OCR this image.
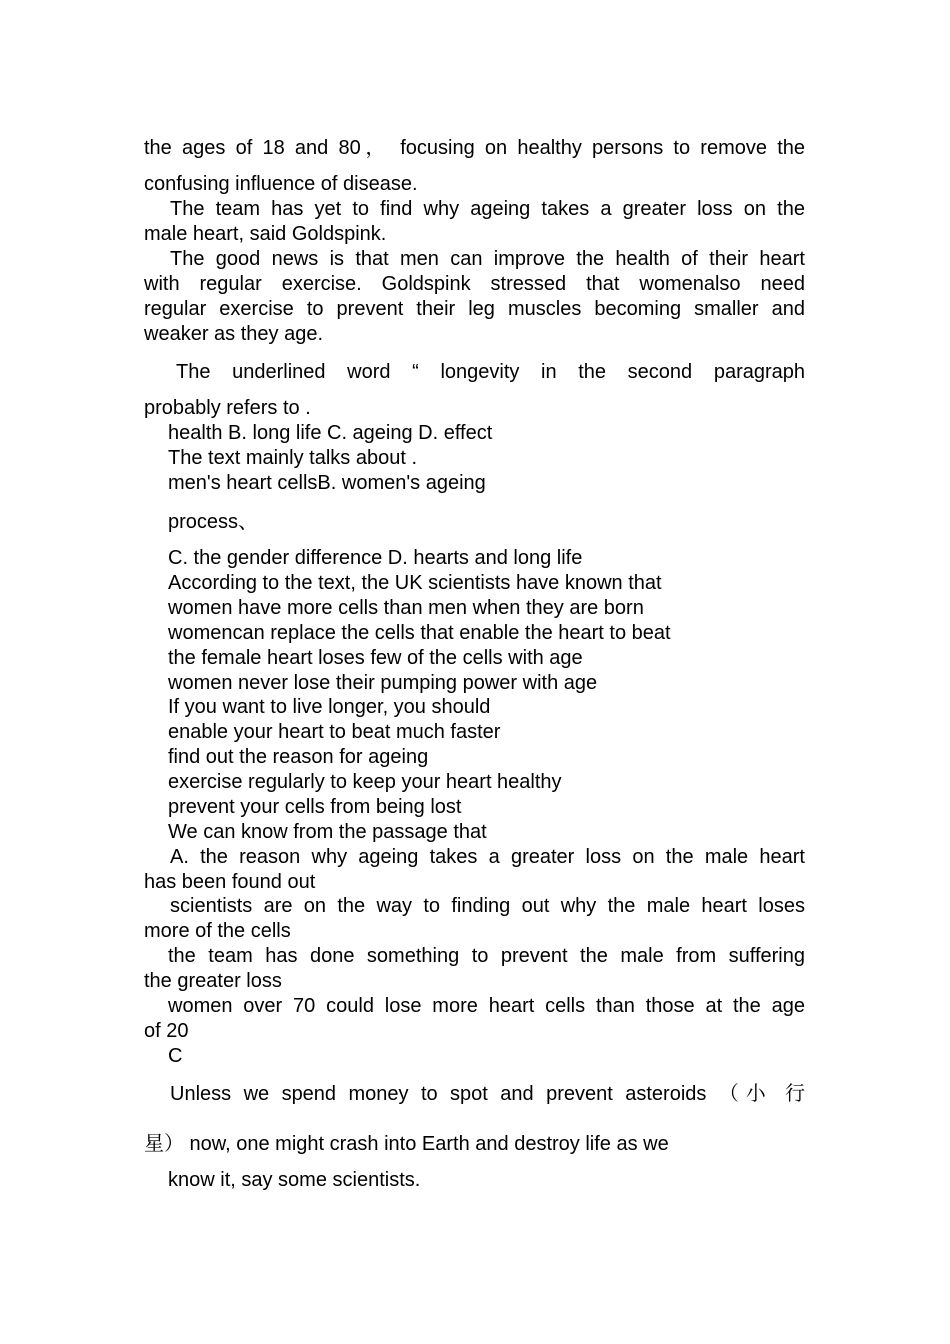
the ages of 18 and 80， focusing on healthy persons to remove the
confusing influence of disease.
The team has yet to find why ageing takes a greater loss on the
male heart, said Goldspink.
The good news is that men can improve the health of their heart
with regular exercise. Goldspink stressed that womenalso need
regular exercise to prevent their leg muscles becoming smaller and
weaker as they age.
The underlined word “ longevity in the second paragraph
probably refers to .
health B. long life C. ageing D. effect
The text mainly talks about .
men's heart cellsB. women's ageing
process、
C. the gender difference D. hearts and long life
According to the text, the UK scientists have known that
women have more cells than men when they are born
womencan replace the cells that enable the heart to beat
the female heart loses few of the cells with age
women never lose their pumping power with age
If you want to live longer, you should
enable your heart to beat much faster
find out the reason for ageing
exercise regularly to keep your heart healthy
prevent your cells from being lost
We can know from the passage that
A. the reason why ageing takes a greater loss on the male heart
has been found out
scientists are on the way to finding out why the male heart loses
more of the cells
the team has done something to prevent the male from suffering
the greater loss
women over 70 could lose more heart cells than those at the age
of 20
C
Unless we spend money to spot and prevent asteroids （小 行
星） now, one might crash into Earth and destroy life as we
know it, say some scientists.
